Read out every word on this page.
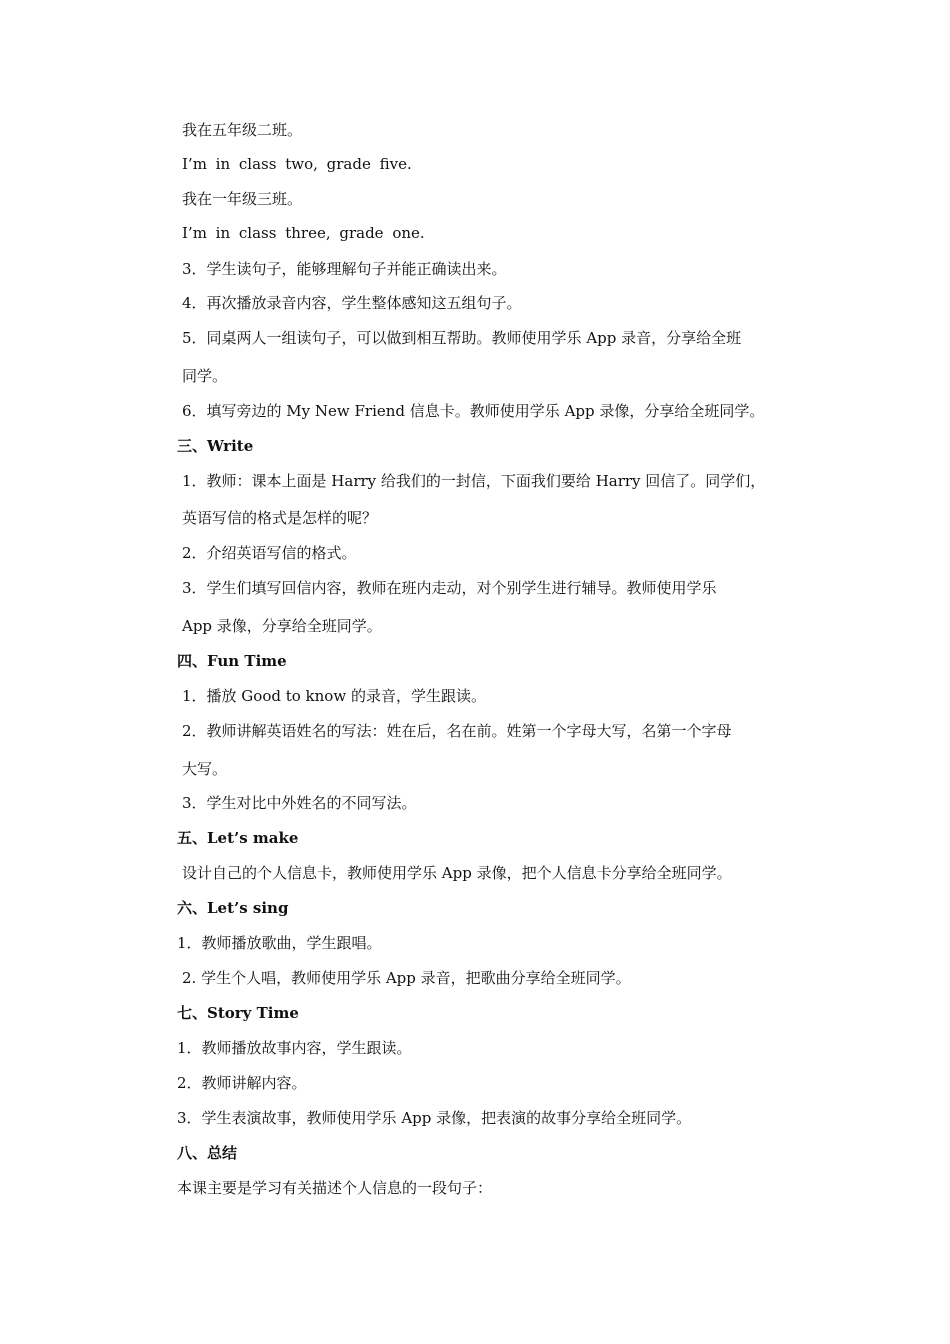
我在五年级二班。
I’m in class two, grade five.
我在一年级三班。
I’m in class three, grade one.
3．学生读句子，能够理解句子并能正确读出来。
4．再次播放录音内容，学生整体感知这五组句子。
5．同桌两人一组读句子，可以做到相互帮助。教师使用学乐 App 录音，分享给全班
同学。
6．填写旁边的 My New Friend 信息卡。教师使用学乐 App 录像，分享给全班同学。
三、Write
1．教师：课本上面是 Harry 给我们的一封信，下面我们要给 Harry 回信了。同学们，
英语写信的格式是怎样的呢？
2．介绍英语写信的格式。
3．学生们填写回信内容，教师在班内走动，对个别学生进行辅导。教师使用学乐
App 录像，分享给全班同学。
四、Fun Time
1．播放 Good to know 的录音，学生跟读。
2．教师讲解英语姓名的写法：姓在后，名在前。姓第一个字母大写，名第一个字母
大写。
3．学生对比中外姓名的不同写法。
五、Let’s make
设计自己的个人信息卡，教师使用学乐 App 录像，把个人信息卡分享给全班同学。
六、Let’s sing
1．教师播放歌曲，学生跟唱。
2. 学生个人唱，教师使用学乐 App 录音，把歌曲分享给全班同学。
七、Story Time
1．教师播放故事内容，学生跟读。
2．教师讲解内容。
3．学生表演故事，教师使用学乐 App 录像，把表演的故事分享给全班同学。
八、总结
本课主要是学习有关描述个人信息的一段句子：
